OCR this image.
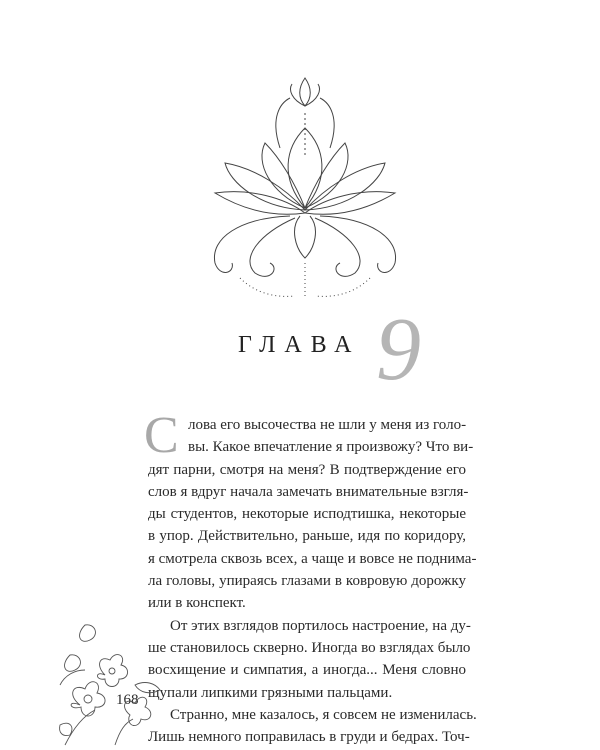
ГЛАВА 9
С лова его высочества не шли у меня из голо-
вы. Какое впечатление я произвожу? Что ви-
дят парни, смотря на меня? В подтверждение его
слов я вдруг начала замечать внимательные взгля-
ды студентов, некоторые исподтишка, некоторые
в упор. Действительно, раньше, идя по коридору,
я смотрела сквозь всех, а чаще и вовсе не поднима-
ла головы, упираясь глазами в ковровую дорожку
или в конспект.
От этих взглядов портилось настроение, на ду-
ше становилось скверно. Иногда во взглядах было
восхищение и симпатия, а иногда... Меня словно
щупали липкими грязными пальцами.
Странно, мне казалось, я совсем не изменилась.
Лишь немного поправилась в груди и бедрах. Точ-
168
